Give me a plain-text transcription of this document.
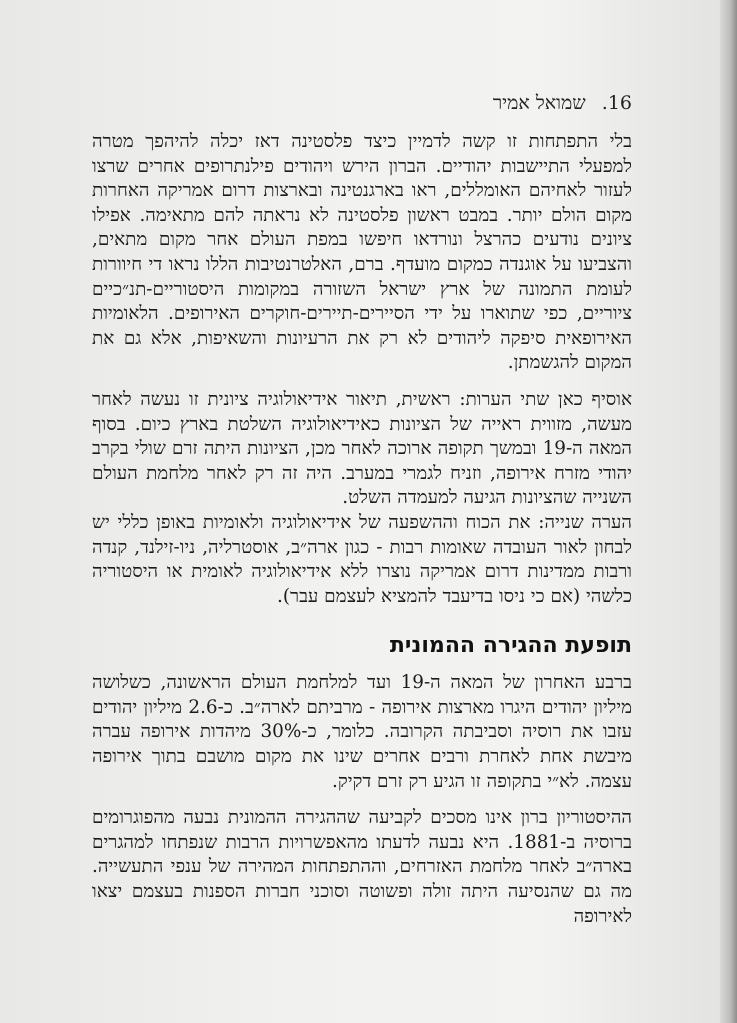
16. שמואל אמיר

בלי התפתחות זו קשה לדמיין כיצד פלסטינה דאז יכלה להיהפך מטרה למפעלי התיישבות יהודיים. הברון הירש ויהודים פילנתרופים אחרים שרצו לעזור לאחיהם האומללים, ראו בארגנטינה ובארצות דרום אמריקה האחרות מקום הולם יותר. במבט ראשון פלסטינה לא נראתה להם מתאימה. אפילו ציונים נודעים כהרצל ונורדאו חיפשו במפת העולם אחר מקום מתאים, והצביעו על אוגנדה כמקום מועדף. ברם, האלטרנטיבות הללו נראו די חיוורות לעומת התמונה של ארץ ישראל השזורה במקומות היסטוריים-תנ״כיים ציוריים, כפי שתוארו על ידי הסיירים-תיירים-חוקרים האירופים. הלאומיות האירופאית סיפקה ליהודים לא רק את הרעיונות והשאיפות, אלא גם את המקום להגשמתן.

אוסיף כאן שתי הערות: ראשית, תיאור אידיאולוגיה ציונית זו נעשה לאחר מעשה, מזווית ראייה של הציונות כאידיאולוגיה השלטת בארץ כיום. בסוף המאה ה-19 ובמשך תקופה ארוכה לאחר מכן, הציונות היתה זרם שולי בקרב יהודי מזרח אירופה, וזניח לגמרי במערב. היה זה רק לאחר מלחמת העולם השנייה שהציונות הגיעה למעמדה השלט.

הערה שנייה: את הכוח וההשפעה של אידיאולוגיה ולאומיות באופן כללי יש לבחון לאור העובדה שאומות רבות - כגון ארה״ב, אוסטרליה, ניו-זילנד, קנדה ורבות ממדינות דרום אמריקה נוצרו ללא אידיאולוגיה לאומית או היסטוריה כלשהי (אם כי ניסו בדיעבד להמציא לעצמם עבר).

תופעת ההגירה ההמונית

ברבע האחרון של המאה ה-19 ועד למלחמת העולם הראשונה, כשלושה מיליון יהודים היגרו מארצות אירופה - מרביתם לארה״ב. כ-2.6 מיליון יהודים עזבו את רוסיה וסביבתה הקרובה. כלומר, כ-30% מיהדות אירופה עברה מיבשת אחת לאחרת ורבים אחרים שינו את מקום מושבם בתוך אירופה עצמה. לא״י בתקופה זו הגיע רק זרם דקיק.

ההיסטוריון ברון אינו מסכים לקביעה שההגירה ההמונית נבעה מהפוגרומים ברוסיה ב-1881. היא נבעה לדעתו מהאפשרויות הרבות שנפתחו למהגרים בארה״ב לאחר מלחמת האזרחים, וההתפתחות המהירה של ענפי התעשייה. מה גם שהנסיעה היתה זולה ופשוטה וסוכני חברות הספנות בעצמם יצאו לאירופה
